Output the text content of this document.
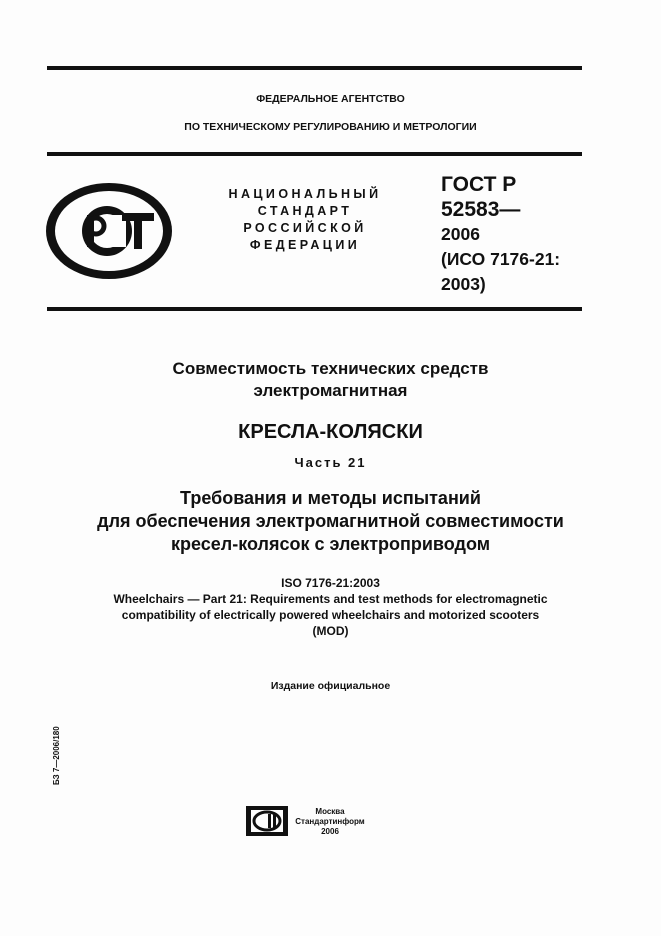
ФЕДЕРАЛЬНОЕ АГЕНТСТВО
ПО ТЕХНИЧЕСКОМУ РЕГУЛИРОВАНИЮ И МЕТРОЛОГИИ
НАЦИОНАЛЬНЫЙ
СТАНДАРТ
РОССИЙСКОЙ
ФЕДЕРАЦИИ
ГОСТ Р
52583—
2006
(ИСО 7176-21:
2003)
Совместимость технических средств
электромагнитная
КРЕСЛА-КОЛЯСКИ
Часть 21
Требования и методы испытаний
для обеспечения электромагнитной совместимости
кресел-колясок с электроприводом
ISO 7176-21:2003
Wheelchairs — Part 21: Requirements and test methods for electromagnetic
compatibility of electrically powered wheelchairs and motorized scooters
(MOD)
Издание официальное
БЗ 7—2006/180
Москва
Стандартинформ
2006
